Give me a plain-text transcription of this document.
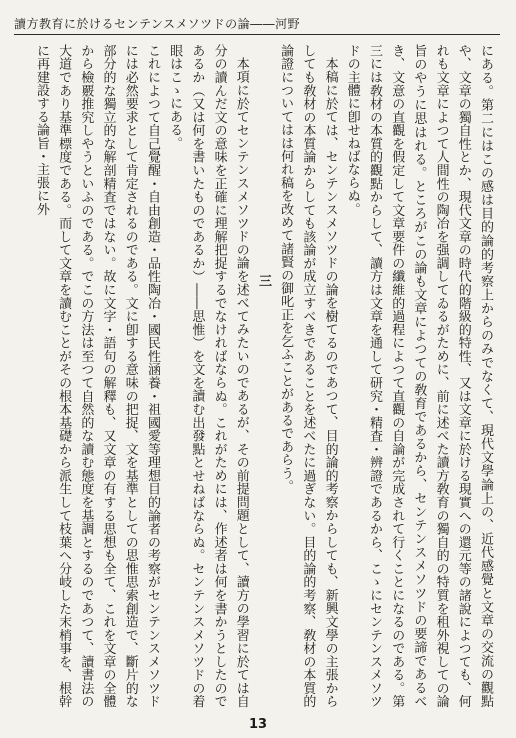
讀方教育に於けるセンテンスメソツドの論――河野

にある。第二にはこの感は目的論的考察上からのみでなくて、現代文學論上の、近代感覺と文章の交流の觀點や、文章の獨自性とか、現代文章の時代的階級的特性、又は文章に於ける現實への還元等の諸說によつても、何れも文章によつて人間性の陶冶を强調してゐるがために、前に述べた讀方敎育の獨自的の特質を租外視しての論旨のやうに思はれる。ところがこの論も文章によつての敎育であるから、センテンスメソツドの要諦であるべき、文意の直觀を假定して文章要件の纖維的過程によつて直觀の自論が完成されて行くことになるのである。第三には敎材の本質的觀點からして、讀方は文章を通して研究・精査・辨證であるから、こゝにセンテンスメソツドの主體に卽せねばならぬ。

本稿に於ては、センテンスメソツドの論を樹てるのであつて、目的論的考察からしても、新興文學の主張からしても敎材の本質論からしても該論が成立すべきであることを述べたに過ぎない。目的論的考察、敎材の本質的論證についてはは何れ稿を改めて諸賢の御叱正を乞ふことがあるであらう。

三

本項に於てセンテンスメソツドの論を述べてみたいのであるが、その前提問題として、讀方の學習に於ては自分の讀んだ文の意味を正確に理解把捉するでなければならぬ。これがためには、作述者は何を書かうとしたのであるか（又は何を書いたものであるか）――思惟）を文を讀む出發點とせねばならぬ。センテンスメソツドの着眼はこゝにある。

これによつて自己覺醒・自由創造・品性陶冶・國民性涵養・祖國愛等理想目的論者の考察がセンテンスメソツドには必然要求として肯定されるのである。文に卽する意味の把捉、文を基準としての思惟思索創造で、斷片的な部分的な獨立的な解剖精査ではない。故に文字・語句の解釋も、又文章の有する思想も全て、これを文章の全體から檢覈推究しやうといふのである。でこの方法は至つて自然的な讀む態度を基調とするのであつて、讀書法の大道であり基準標度である。而して文章を讀むことがその根本基礎から派生して枝葉へ分岐した末梢事を、根幹に再建設する論旨・主張に外

13
